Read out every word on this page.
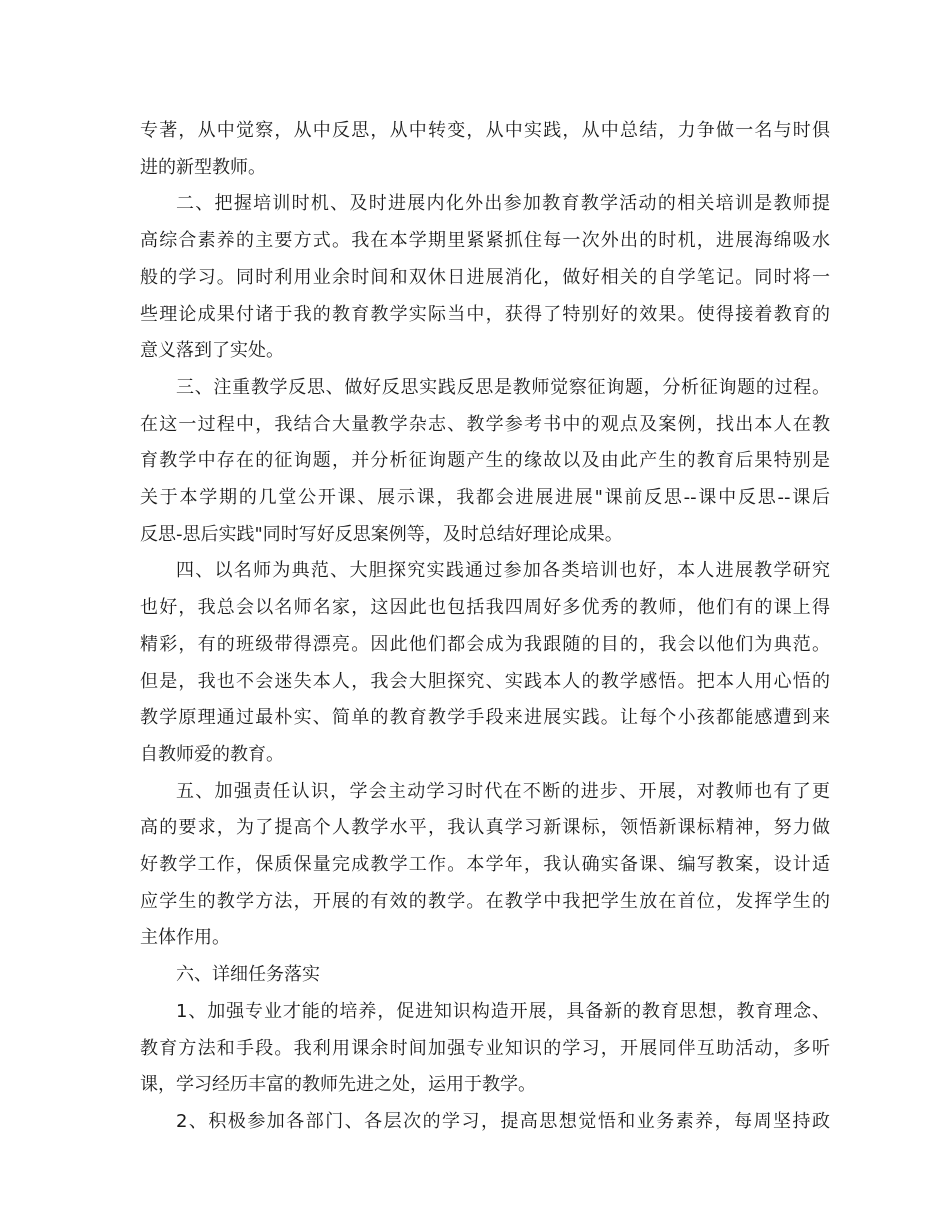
专著，从中觉察，从中反思，从中转变，从中实践，从中总结，力争做一名与时俱
进的新型教师。

二、把握培训时机、及时进展内化外出参加教育教学活动的相关培训是教师提
高综合素养的主要方式。我在本学期里紧紧抓住每一次外出的时机，进展海绵吸水
般的学习。同时利用业余时间和双休日进展消化，做好相关的自学笔记。同时将一
些理论成果付诸于我的教育教学实际当中，获得了特别好的效果。使得接着教育的
意义落到了实处。

三、注重教学反思、做好反思实践反思是教师觉察征询题，分析征询题的过程。
在这一过程中，我结合大量教学杂志、教学参考书中的观点及案例，找出本人在教
育教学中存在的征询题，并分析征询题产生的缘故以及由此产生的教育后果特别是
关于本学期的几堂公开课、展示课，我都会进展进展"课前反思--课中反思--课后
反思-思后实践"同时写好反思案例等，及时总结好理论成果。

四、以名师为典范、大胆探究实践通过参加各类培训也好，本人进展教学研究
也好，我总会以名师名家，这因此也包括我四周好多优秀的教师，他们有的课上得
精彩，有的班级带得漂亮。因此他们都会成为我跟随的目的，我会以他们为典范。
但是，我也不会迷失本人，我会大胆探究、实践本人的教学感悟。把本人用心悟的
教学原理通过最朴实、简单的教育教学手段来进展实践。让每个小孩都能感遭到来
自教师爱的教育。

五、加强责任认识，学会主动学习时代在不断的进步、开展，对教师也有了更
高的要求，为了提高个人教学水平，我认真学习新课标，领悟新课标精神，努力做
好教学工作，保质保量完成教学工作。本学年，我认确实备课、编写教案，设计适
应学生的教学方法，开展的有效的教学。在教学中我把学生放在首位，发挥学生的
主体作用。

六、详细任务落实

1、加强专业才能的培养，促进知识构造开展，具备新的教育思想，教育理念、
教育方法和手段。我利用课余时间加强专业知识的学习，开展同伴互助活动，多听
课，学习经历丰富的教师先进之处，运用于教学。

2、积极参加各部门、各层次的学习，提高思想觉悟和业务素养，每周坚持政
